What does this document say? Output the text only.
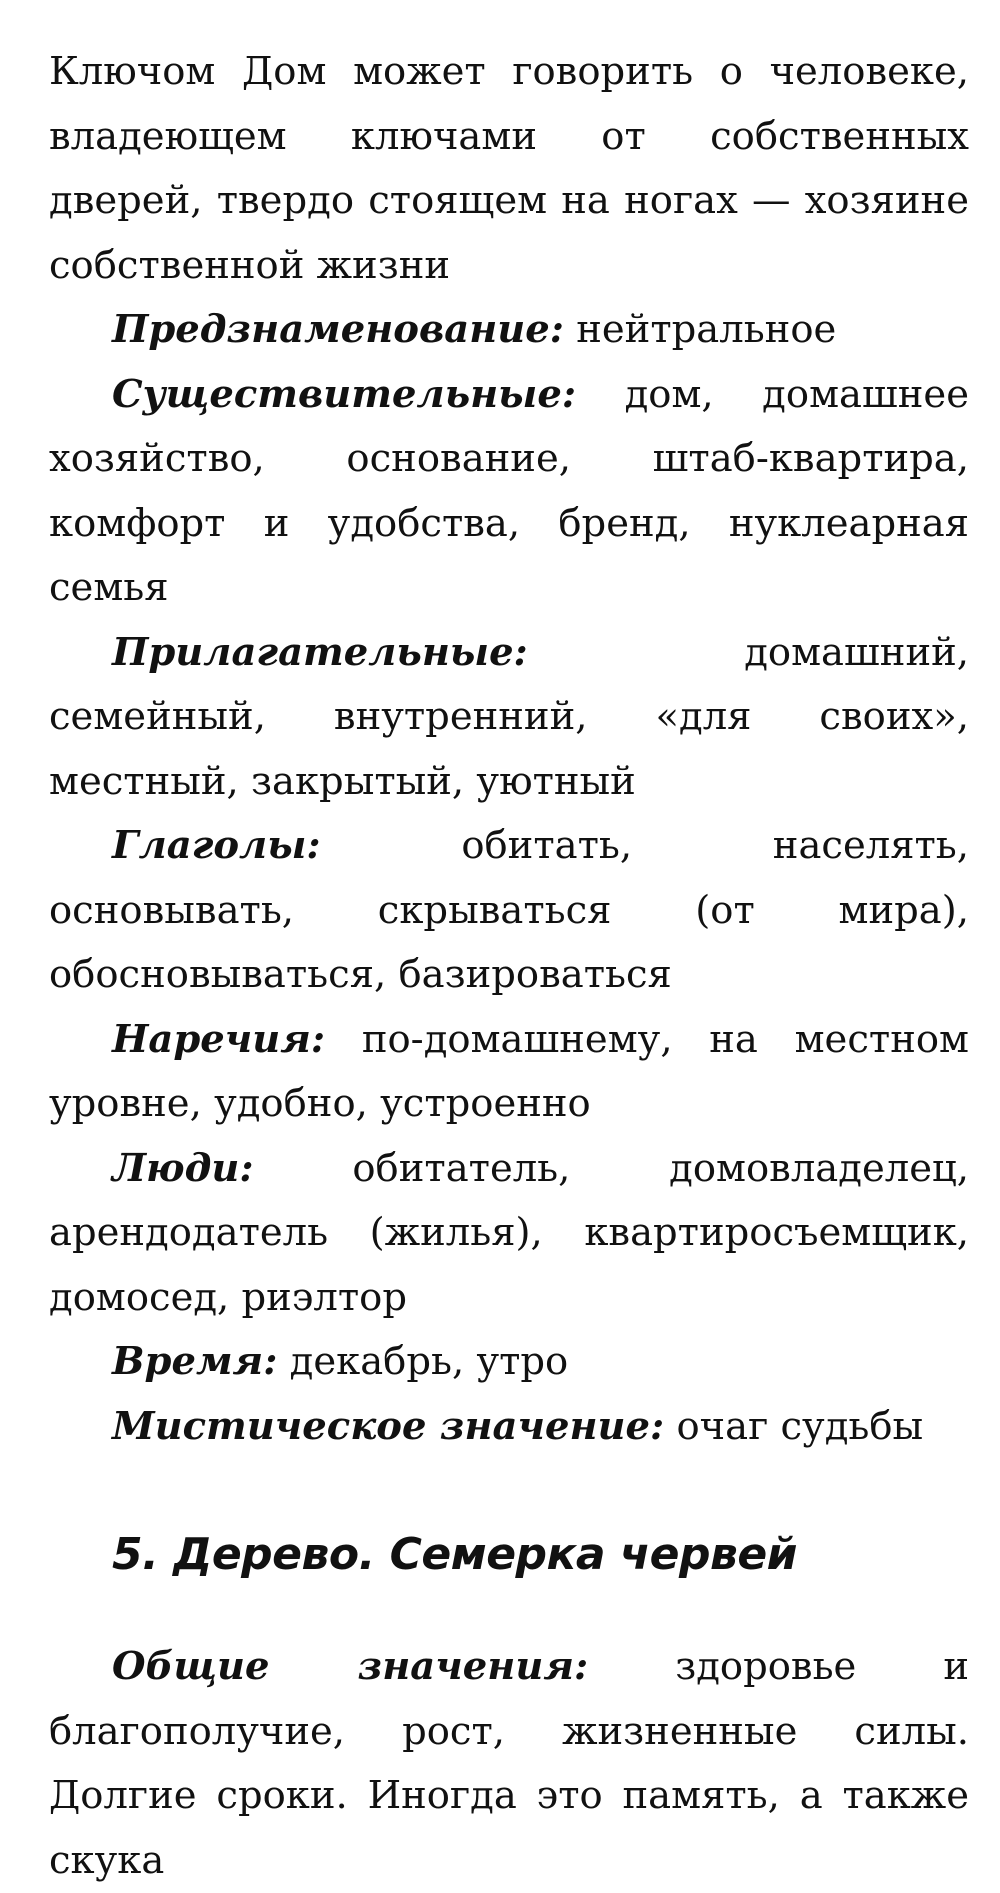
Ключом Дом может говорить о человеке, владеющем ключами от собственных дверей, твердо стоящем на ногах — хозяине собственной жизни

Предзнаменование: нейтральное

Существительные: дом, домашнее хозяйство, основание, штаб-квартира, комфорт и удобства, бренд, нуклеарная семья

Прилагательные:	домашний, семейный, внутренний, «для своих», местный, закрытый, уютный

Глаголы:	обитать, населять, основывать, скрываться (от мира), обосновываться, базироваться

Наречия: по-домашнему, на местном уровне, удобно, устроенно

Люди:	обитатель, домовладелец, арендодатель (жилья), квартиросъемщик, домосед, риэлтор

Время: декабрь, утро

Мистическое значение: очаг судьбы

5. Дерево. Семерка червей

Общие значения: здоровье и благополучие, рост, жизненные силы. Долгие сроки. Иногда это память, а также скука
